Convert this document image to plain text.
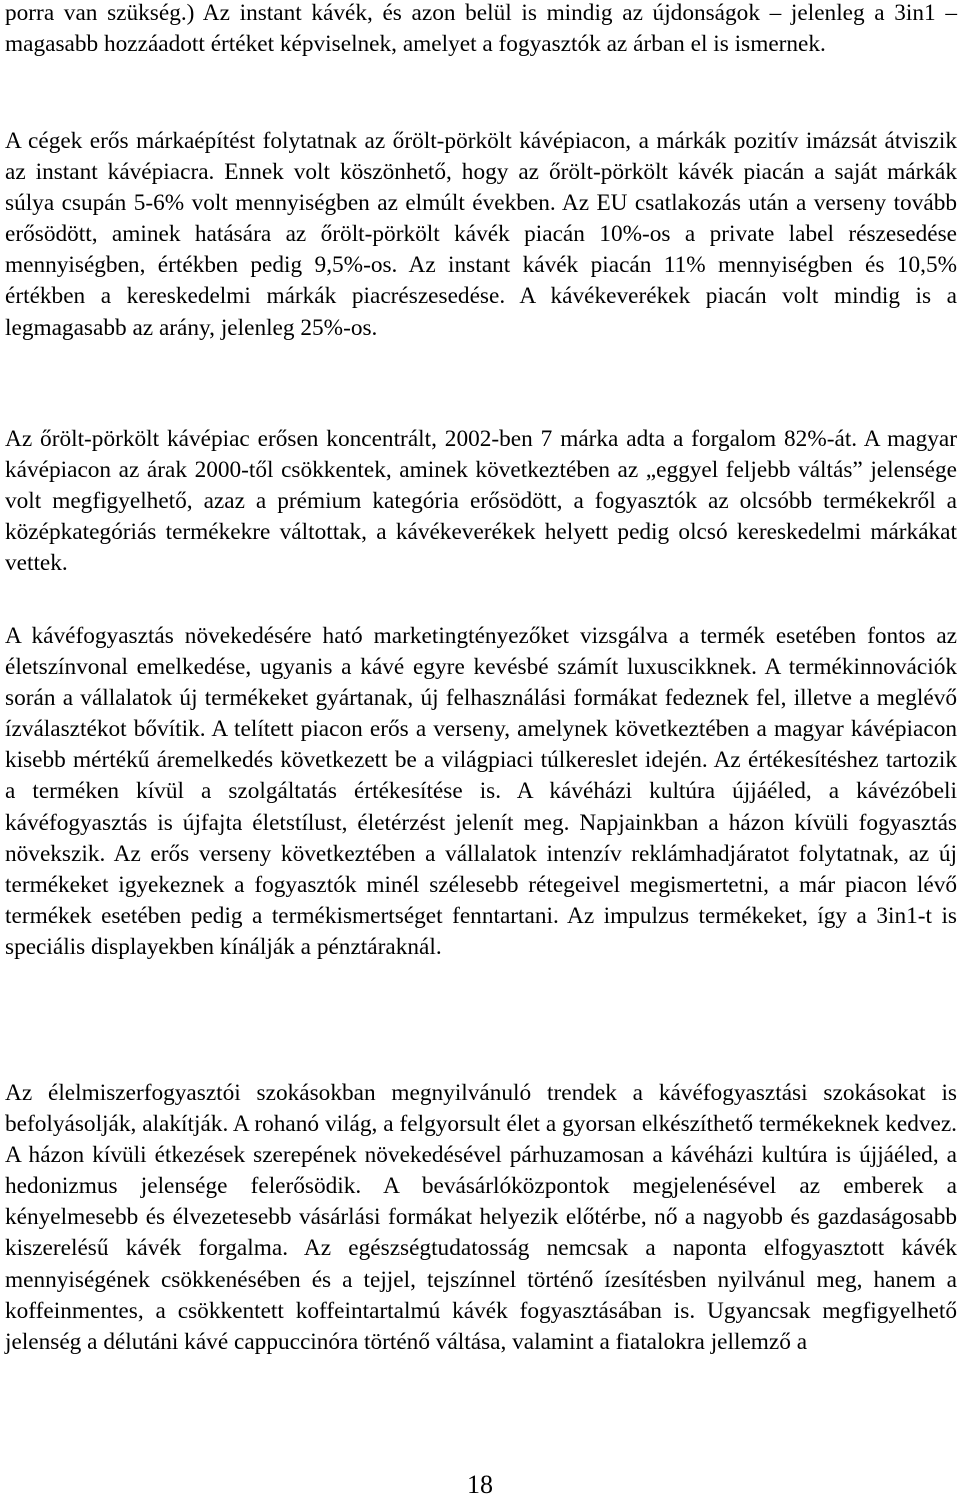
porra van szükség.) Az instant kávék, és azon belül is mindig az újdonságok – jelenleg a 3in1 – magasabb hozzáadott értéket képviselnek, amelyet a fogyasztók az árban el is ismernek.

A cégek erős márkaépítést folytatnak az őrölt-pörkölt kávépiacon, a márkák pozitív imázsát átviszik az instant kávépiacra. Ennek volt köszönhető, hogy az őrölt-pörkölt kávék piacán a saját márkák súlya csupán 5-6% volt mennyiségben az elmúlt években. Az EU csatlakozás után a verseny tovább erősödött, aminek hatására az őrölt-pörkölt kávék piacán 10%-os a private label részesedése mennyiségben, értékben pedig 9,5%-os. Az instant kávék piacán 11% mennyiségben és 10,5% értékben a kereskedelmi márkák piacrészesedése. A kávékeverékek piacán volt mindig is a legmagasabb az arány, jelenleg 25%-os.

Az őrölt-pörkölt kávépiac erősen koncentrált, 2002-ben 7 márka adta a forgalom 82%-át. A magyar kávépiacon az árak 2000-től csökkentek, aminek következtében az „eggyel feljebb váltás” jelensége volt megfigyelhető, azaz a prémium kategória erősödött, a fogyasztók az olcsóbb termékekről a középkategóriás termékekre váltottak, a kávékeverékek helyett pedig olcsó kereskedelmi márkákat vettek.

A kávéfogyasztás növekedésére ható marketingtényezőket vizsgálva a termék esetében fontos az életszínvonal emelkedése, ugyanis a kávé egyre kevésbé számít luxuscikknek. A termékinnovációk során a vállalatok új termékeket gyártanak, új felhasználási formákat fedeznek fel, illetve a meglévő ízválasztékot bővítik. A telített piacon erős a verseny, amelynek következtében a magyar kávépiacon kisebb mértékű áremelkedés következett be a világpiaci túlkereslet idején. Az értékesítéshez tartozik a terméken kívül a szolgáltatás értékesítése is. A kávéházi kultúra újjáéled, a kávézóbeli kávéfogyasztás is újfajta életstílust, életérzést jelenít meg. Napjainkban a házon kívüli fogyasztás növekszik. Az erős verseny következtében a vállalatok intenzív reklámhadjáratot folytatnak, az új termékeket igyekeznek a fogyasztók minél szélesebb rétegeivel megismertetni, a már piacon lévő termékek esetében pedig a termékismertséget fenntartani. Az impulzus termékeket, így a 3in1-t is speciális displayekben kínálják a pénztáraknál.

Az élelmiszerfogyasztói szokásokban megnyilvánuló trendek a kávéfogyasztási szokásokat is befolyásolják, alakítják. A rohanó világ, a felgyorsult élet a gyorsan elkészíthető termékeknek kedvez. A házon kívüli étkezések szerepének növekedésével párhuzamosan a kávéházi kultúra is újjáéled, a hedonizmus jelensége felerősödik. A bevásárlóközpontok megjelenésével az emberek a kényelmesebb és élvezetesebb vásárlási formákat helyezik előtérbe, nő a nagyobb és gazdaságosabb kiszerelésű kávék forgalma. Az egészségtudatosság nemcsak a naponta elfogyasztott kávék mennyiségének csökkenésében és a tejjel, tejszínnel történő ízesítésben nyilvánul meg, hanem a koffeinmentes, a csökkentett koffeintartalmú kávék fogyasztásában is. Ugyancsak megfigyelhető jelenség a délutáni kávé cappuccinóra történő váltása, valamint a fiatalokra jellemző a

18
